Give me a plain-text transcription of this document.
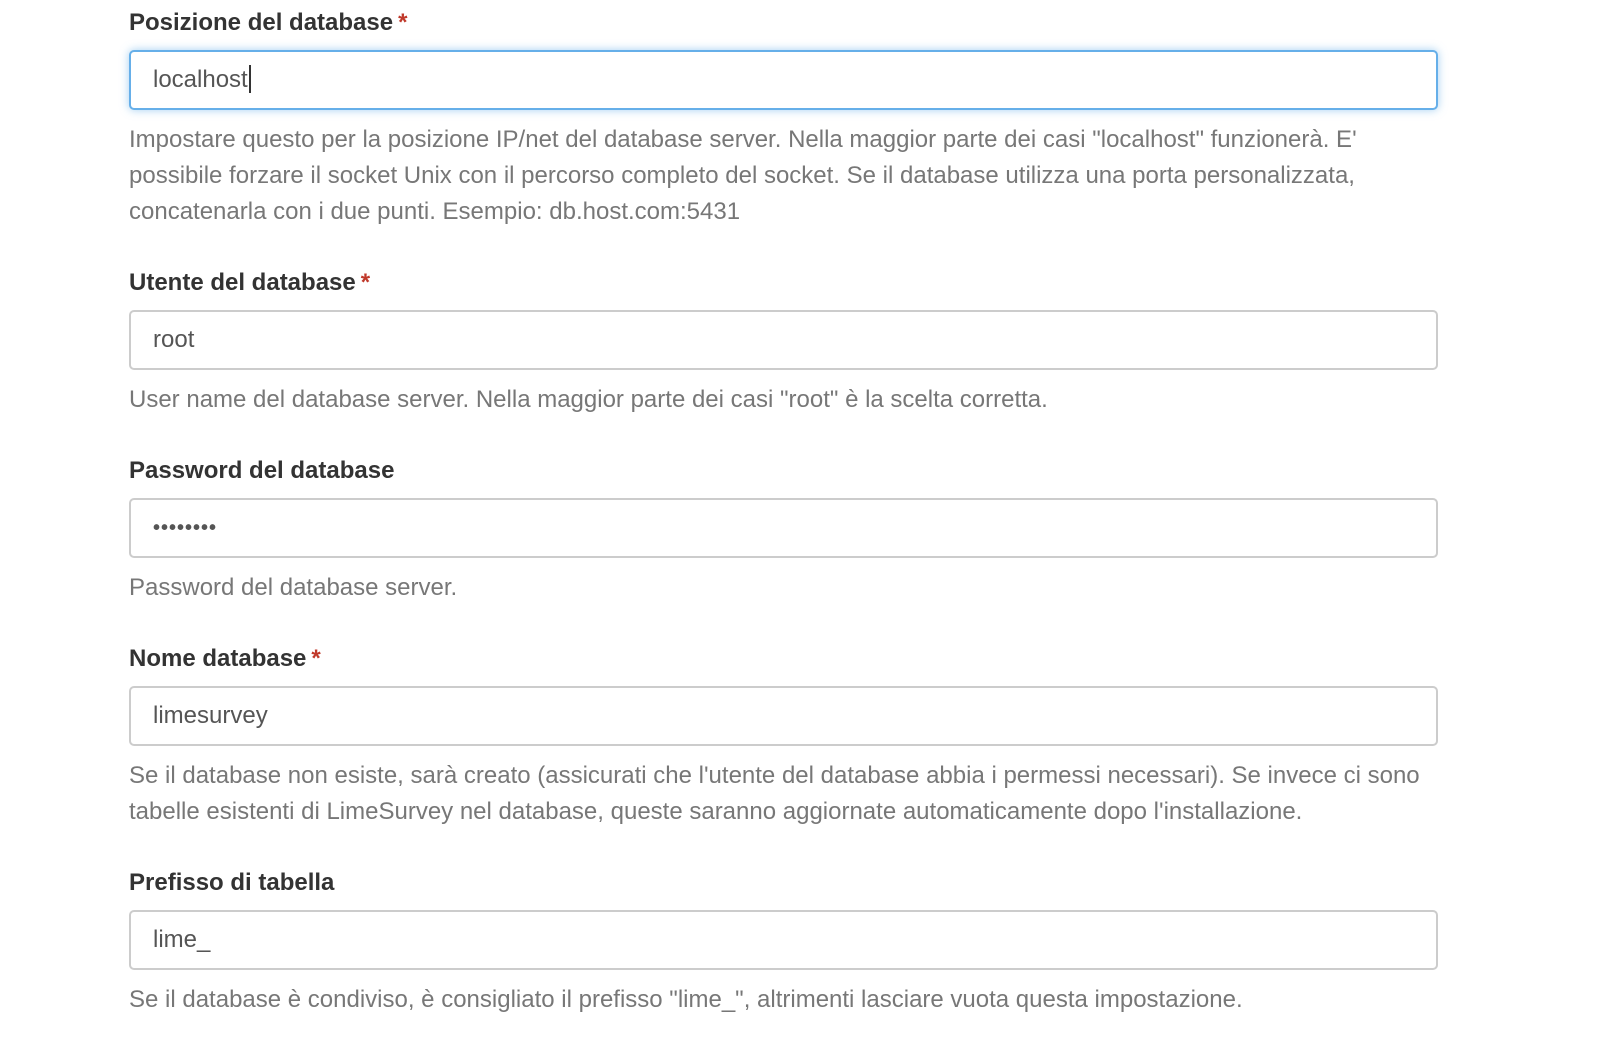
Posizione del database *
localhost
Impostare questo per la posizione IP/net del database server. Nella maggior parte dei casi "localhost" funzionerà. E' possibile forzare il socket Unix con il percorso completo del socket. Se il database utilizza una porta personalizzata, concatenarla con i due punti. Esempio: db.host.com:5431
Utente del database *
root
User name del database server. Nella maggior parte dei casi "root" è la scelta corretta.
Password del database
••••••••
Password del database server.
Nome database *
limesurvey
Se il database non esiste, sarà creato (assicurati che l'utente del database abbia i permessi necessari). Se invece ci sono tabelle esistenti di LimeSurvey nel database, queste saranno aggiornate automaticamente dopo l'installazione.
Prefisso di tabella
lime_
Se il database è condiviso, è consigliato il prefisso "lime_", altrimenti lasciare vuota questa impostazione.
